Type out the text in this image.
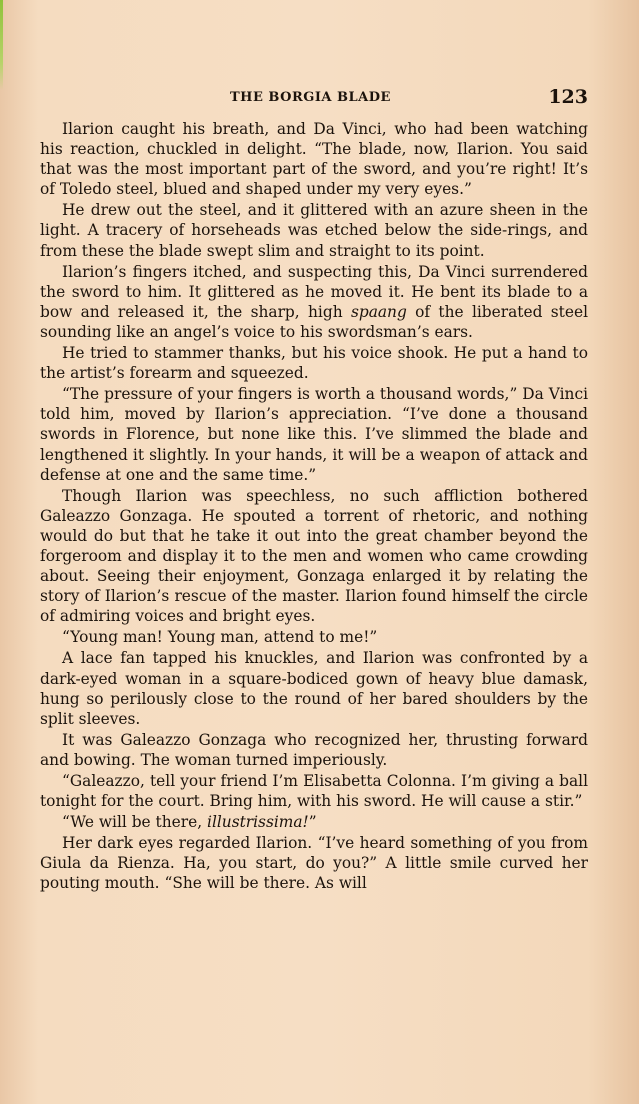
THE BORGIA BLADE	123

Ilarion caught his breath, and Da Vinci, who had been watching his reaction, chuckled in delight. “The blade, now, Ilarion. You said that was the most important part of the sword, and you’re right! It’s of Toledo steel, blued and shaped under my very eyes.”

He drew out the steel, and it glittered with an azure sheen in the light. A tracery of horseheads was etched below the side-rings, and from these the blade swept slim and straight to its point.

Ilarion’s fingers itched, and suspecting this, Da Vinci surrendered the sword to him. It glittered as he moved it. He bent its blade to a bow and released it, the sharp, high spaang of the liberated steel sounding like an angel’s voice to his swordsman’s ears.

He tried to stammer thanks, but his voice shook. He put a hand to the artist’s forearm and squeezed.

“The pressure of your fingers is worth a thousand words,” Da Vinci told him, moved by Ilarion’s appreciation. “I’ve done a thousand swords in Florence, but none like this. I’ve slimmed the blade and lengthened it slightly. In your hands, it will be a weapon of attack and defense at one and the same time.”

Though Ilarion was speechless, no such affliction bothered Galeazzo Gonzaga. He spouted a torrent of rhetoric, and nothing would do but that he take it out into the great chamber beyond the forgeroom and display it to the men and women who came crowding about. Seeing their enjoyment, Gonzaga enlarged it by relating the story of Ilarion’s rescue of the master. Ilarion found himself the circle of admiring voices and bright eyes.

“Young man! Young man, attend to me!”

A lace fan tapped his knuckles, and Ilarion was confronted by a dark-eyed woman in a square-bodiced gown of heavy blue damask, hung so perilously close to the round of her bared shoulders by the split sleeves.

It was Galeazzo Gonzaga who recognized her, thrusting forward and bowing. The woman turned imperiously.

“Galeazzo, tell your friend I’m Elisabetta Colonna. I’m giving a ball tonight for the court. Bring him, with his sword. He will cause a stir.”

“We will be there, illustrissima!”

Her dark eyes regarded Ilarion. “I’ve heard something of you from Giula da Rienza. Ha, you start, do you?” A little smile curved her pouting mouth. “She will be there. As will
